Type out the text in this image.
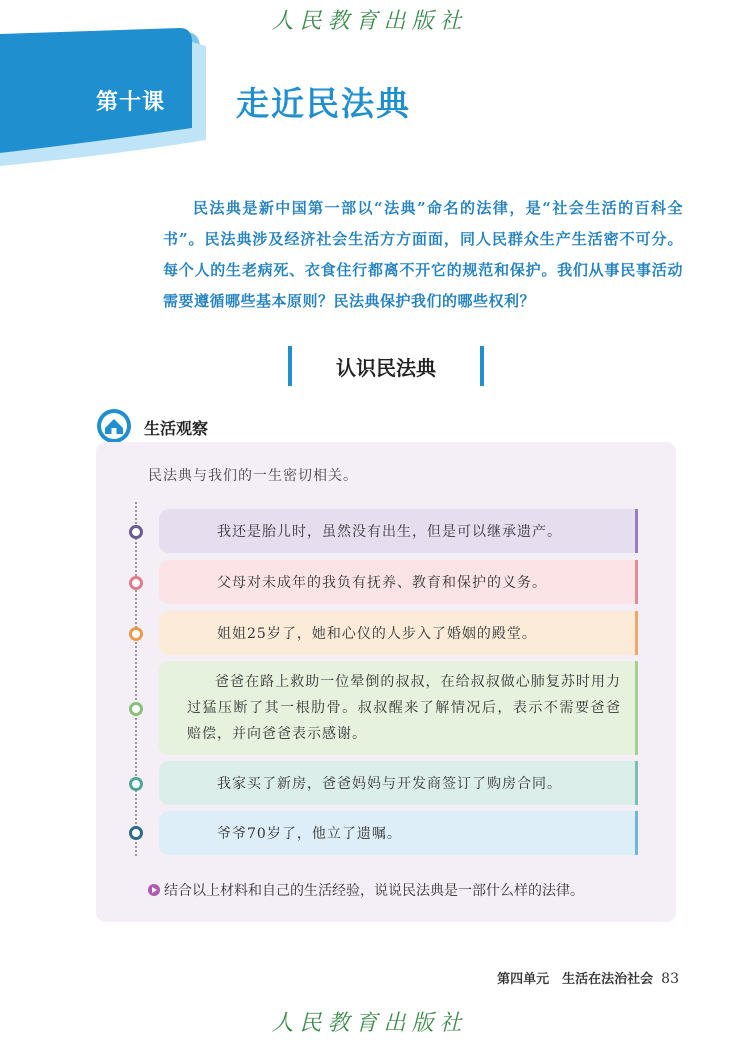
人民教育出版社
第十课 走近民法典
民法典是新中国第一部以“法典”命名的法律，是“社会生活的百科全书”。民法典涉及经济社会生活方方面面，同人民群众生产生活密不可分。每个人的生老病死、衣食住行都离不开它的规范和保护。我们从事民事活动需要遵循哪些基本原则？民法典保护我们的哪些权利？
认识民法典
生活观察
民法典与我们的一生密切相关。
我还是胎儿时，虽然没有出生，但是可以继承遗产。
父母对未成年的我负有抚养、教育和保护的义务。
姐姐25岁了，她和心仪的人步入了婚姻的殿堂。
爸爸在路上救助一位晕倒的叔叔，在给叔叔做心肺复苏时用力过猛压断了其一根肋骨。叔叔醒来了解情况后，表示不需要爸爸赔偿，并向爸爸表示感谢。
我家买了新房，爸爸妈妈与开发商签订了购房合同。
爷爷70岁了，他立了遗嘱。
结合以上材料和自己的生活经验，说说民法典是一部什么样的法律。
第四单元　生活在法治社会 83
人民教育出版社
